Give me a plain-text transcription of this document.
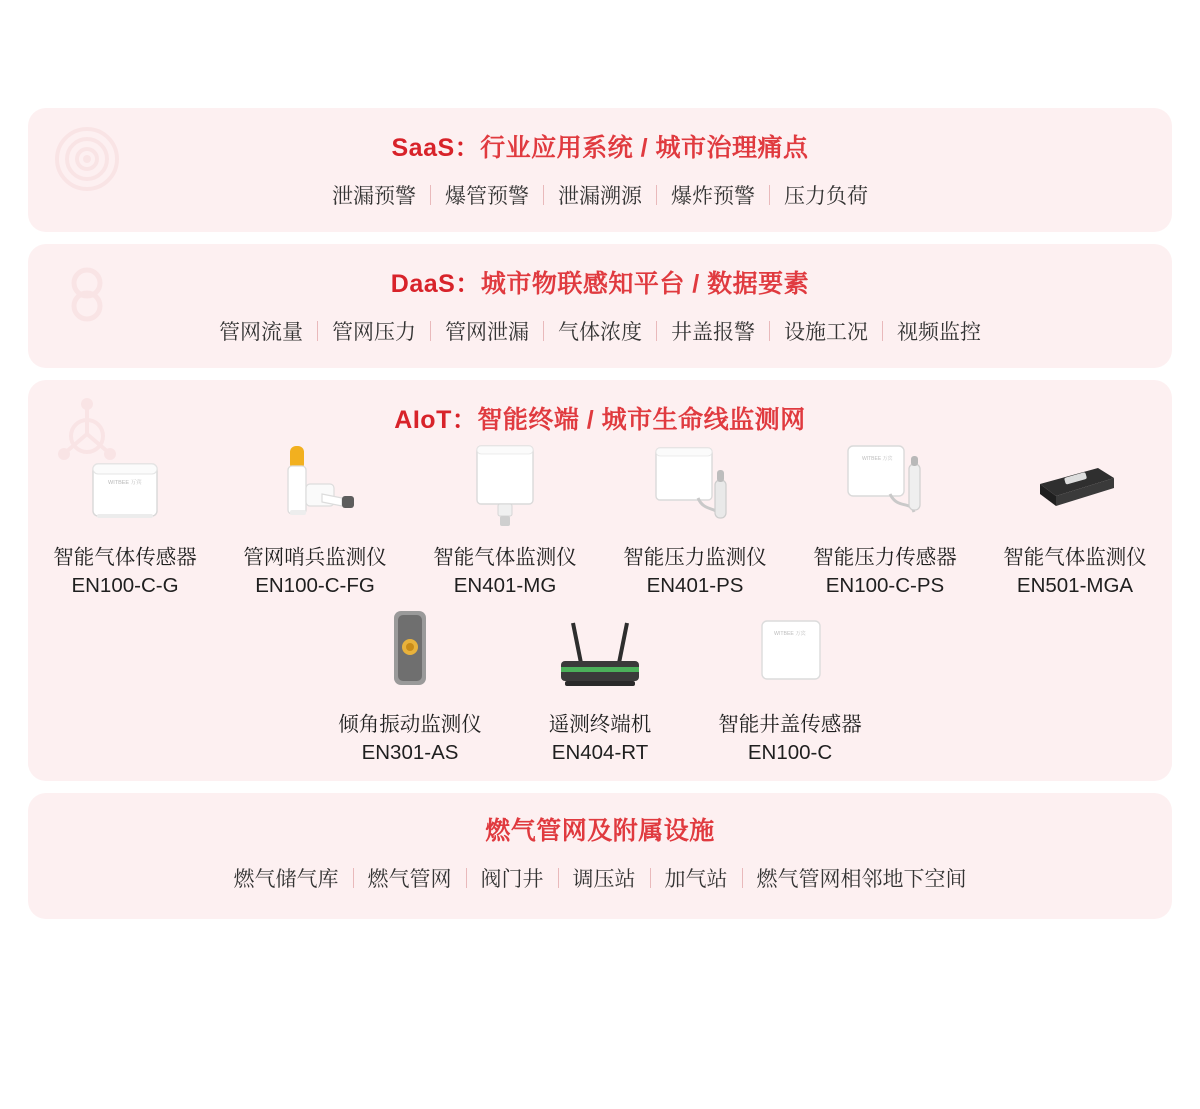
SaaS：行业应用系统 / 城市治理痛点
泄漏预警	爆管预警	泄漏溯源	爆炸预警	压力负荷
DaaS：城市物联感知平台 / 数据要素
管网流量	管网压力	管网泄漏	气体浓度	井盖报警	设施工况	视频监控
AIoT：智能终端 / 城市生命线监测网
WITBEE 万宾
智能气体传感器
EN100-C-G
管网哨兵监测仪
EN100-C-FG
智能气体监测仪
EN401-MG
智能压力监测仪
EN401-PS
WITBEE 万宾
智能压力传感器
EN100-C-PS
智能气体监测仪
EN501-MGA
倾角振动监测仪
EN301-AS
遥测终端机
EN404-RT
WITBEE 万宾
智能井盖传感器
EN100-C
燃气管网及附属设施
燃气储气库	燃气管网	阀门井	调压站	加气站	燃气管网相邻地下空间
